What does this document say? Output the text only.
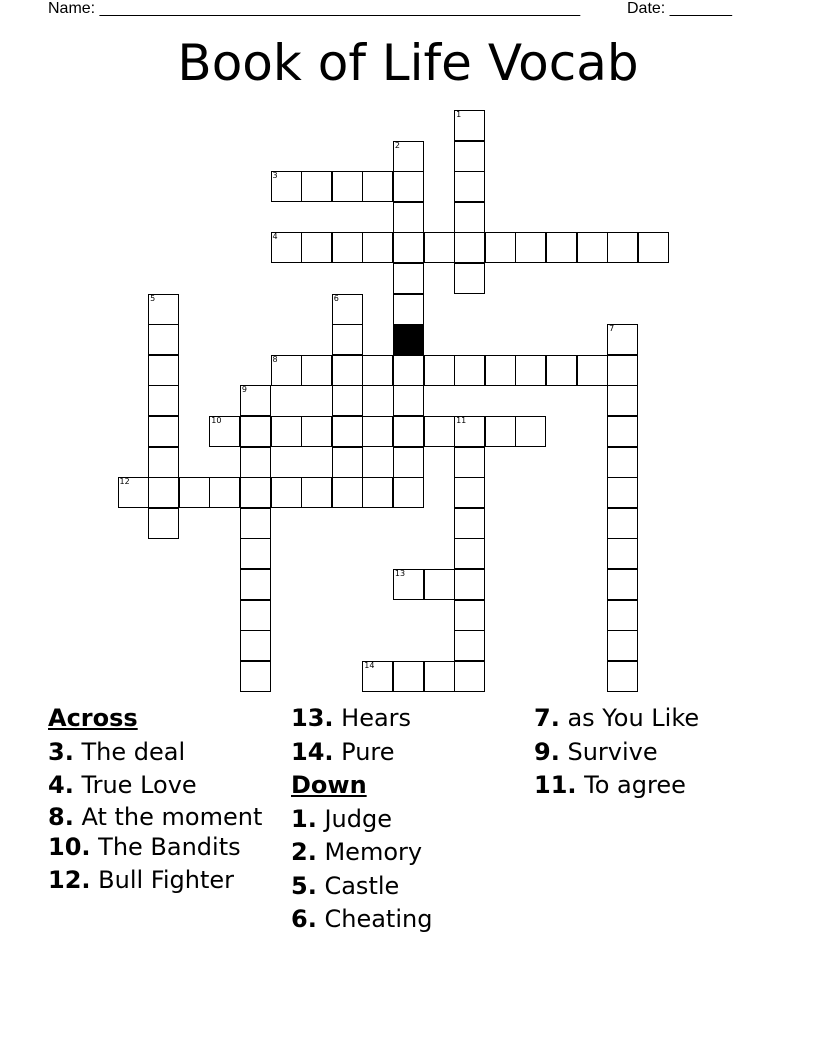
Name: ______________________________________________________	Date: _______
Book of Life Vocab
1
2
3
4
5	6
7
8
9
10	11
12
13
14
Across
3. The deal
4. True Love
8. At the moment
10. The Bandits
12. Bull Fighter
13. Hears
14. Pure
Down
1. Judge
2. Memory
5. Castle
6. Cheating
7. as You Like
9. Survive
11. To agree
